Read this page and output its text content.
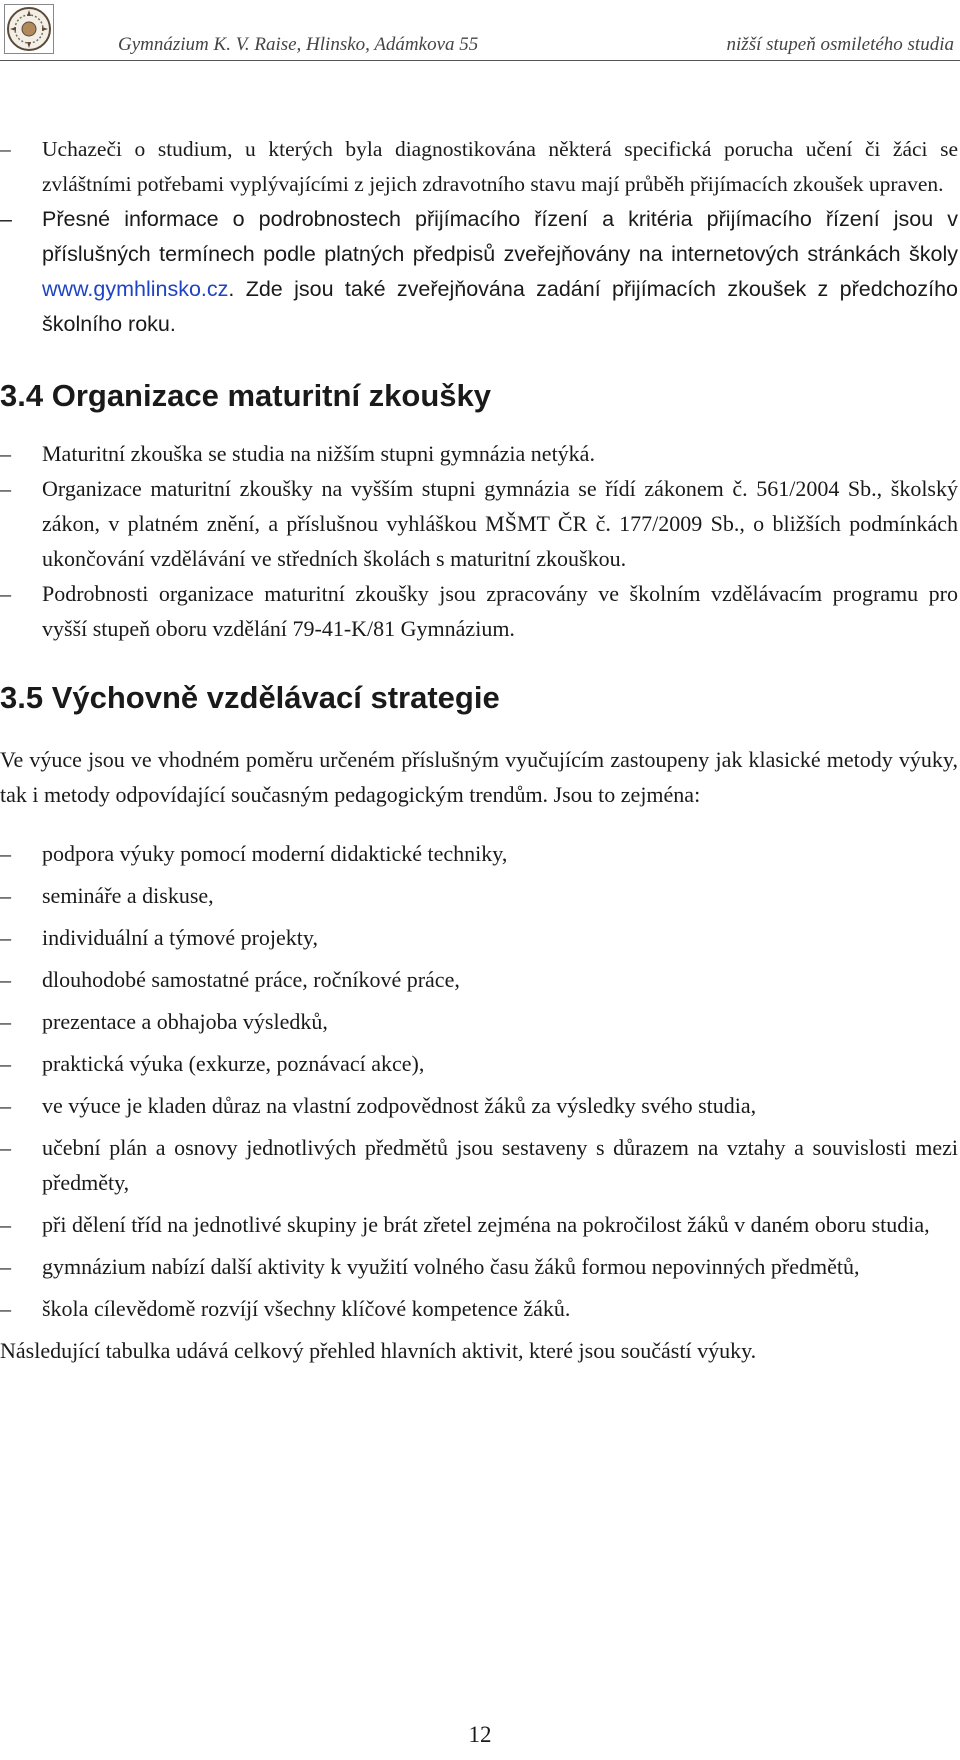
Gymnázium K. V. Raise, Hlinsko, Adámkova 55	nižší stupeň osmiletého studia
– Uchazeči o studium, u kterých byla diagnostikována některá specifická porucha učení či žáci se zvláštními potřebami vyplývajícími z jejich zdravotního stavu mají průběh přijímacích zkoušek upraven.
– Přesné informace o podrobnostech přijímacího řízení a kritéria přijímacího řízení jsou v příslušných termínech podle platných předpisů zveřejňovány na internetových stránkách školy www.gymhlinsko.cz. Zde jsou také zveřejňována zadání přijímacích zkoušek z předchozího školního roku.
3.4 Organizace maturitní zkoušky
– Maturitní zkouška se studia na nižším stupni gymnázia netýká.
– Organizace maturitní zkoušky na vyšším stupni gymnázia se řídí zákonem č. 561/2004 Sb., školský zákon, v platném znění, a příslušnou vyhláškou MŠMT ČR č. 177/2009 Sb., o bližších podmínkách ukončování vzdělávání ve středních školách s maturitní zkouškou.
– Podrobnosti organizace maturitní zkoušky jsou zpracovány ve školním vzdělávacím programu pro vyšší stupeň oboru vzdělání 79-41-K/81 Gymnázium.
3.5 Výchovně vzdělávací strategie

Ve výuce jsou ve vhodném poměru určeném příslušným vyučujícím zastoupeny jak klasické metody výuky, tak i metody odpovídající současným pedagogickým trendům. Jsou to zejména:

– podpora výuky pomocí moderní didaktické techniky,
– semináře a diskuse,
– individuální a týmové projekty,
– dlouhodobé samostatné práce, ročníkové práce,
– prezentace a obhajoba výsledků,
– praktická výuka (exkurze, poznávací akce),
– ve výuce je kladen důraz na vlastní zodpovědnost žáků za výsledky svého studia,
– učební plán a osnovy jednotlivých předmětů jsou sestaveny s důrazem na vztahy a souvislosti mezi předměty,
– při dělení tříd na jednotlivé skupiny je brát zřetel zejména na pokročilost žáků v daném oboru studia,
– gymnázium nabízí další aktivity k využití volného času žáků formou nepovinných předmětů,
– škola cílevědomě rozvíjí všechny klíčové kompetence žáků.

Následující tabulka udává celkový přehled hlavních aktivit, které jsou součástí výuky.

12
